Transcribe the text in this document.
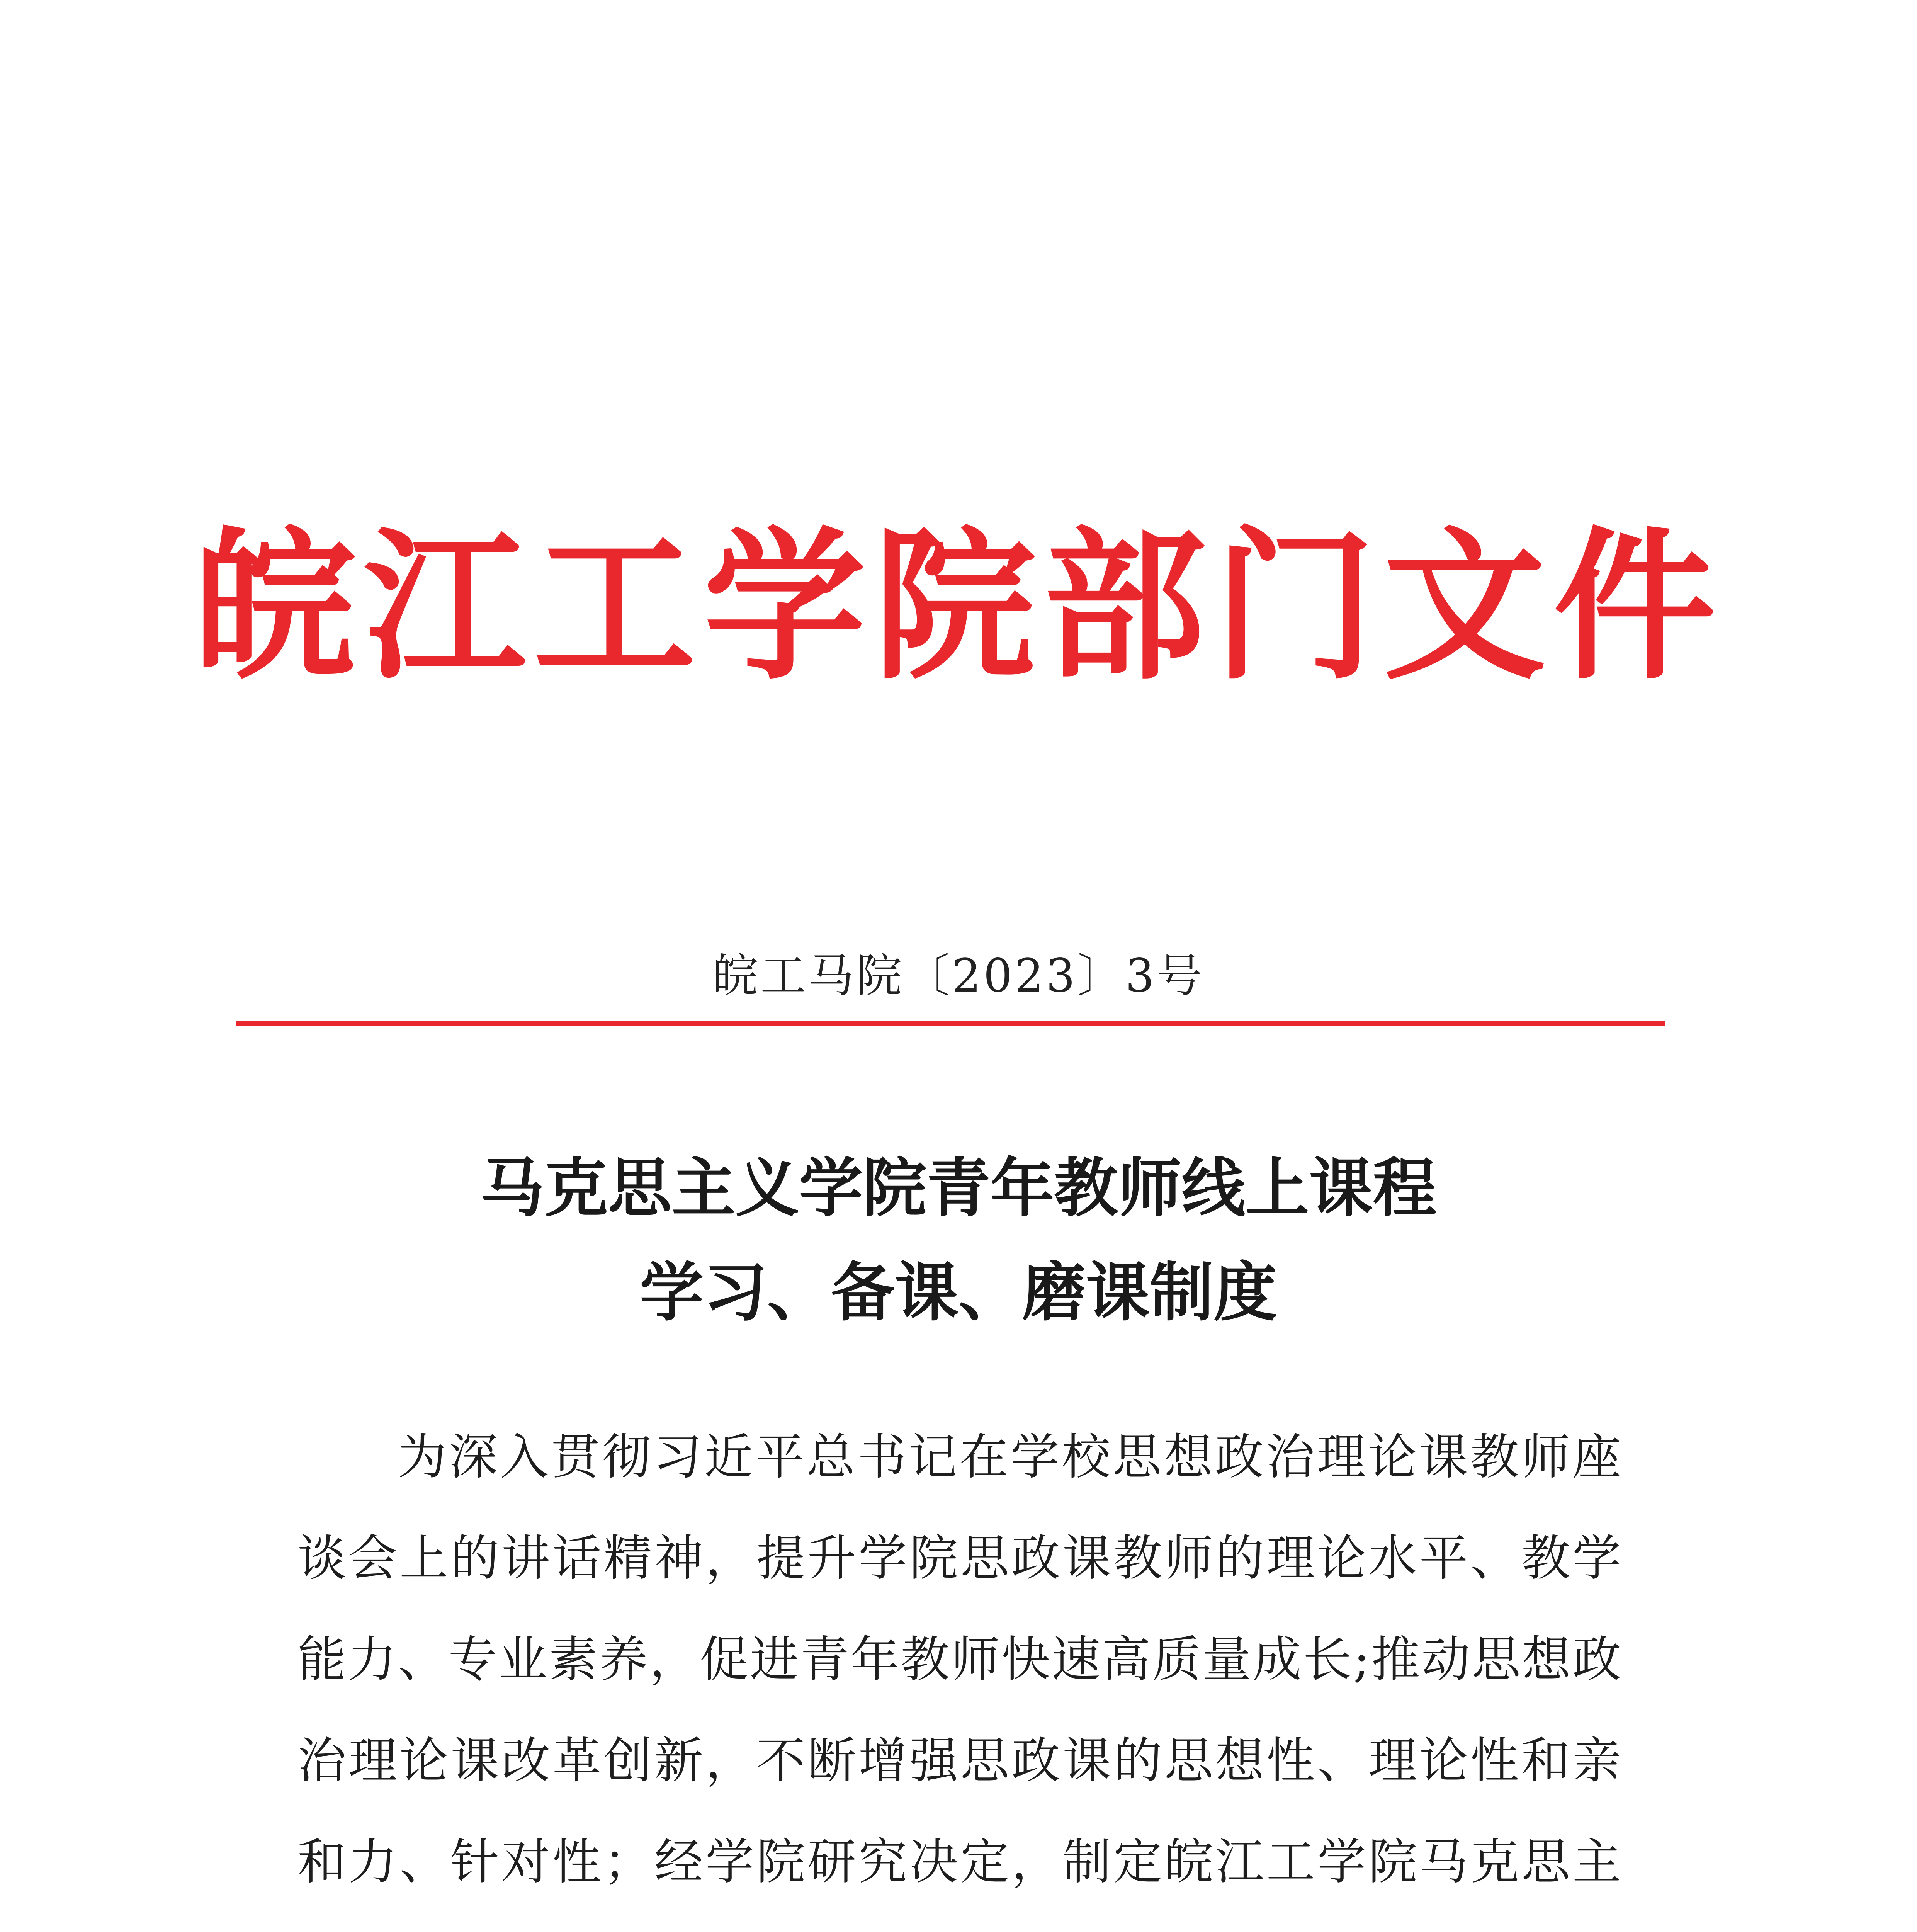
皖江工学院部门文件
皖工马院〔2023〕3号
马克思主义学院青年教师线上课程
学习、备课、磨课制度

为深入贯彻习近平总书记在学校思想政治理论课教师座谈会上的讲话精神，提升学院思政课教师的理论水平、教学能力、专业素养，促进青年教师快速高质量成长;推动思想政治理论课改革创新，不断增强思政课的思想性、理论性和亲和力、针对性；经学院研究决定，制定皖江工学院马克思主
